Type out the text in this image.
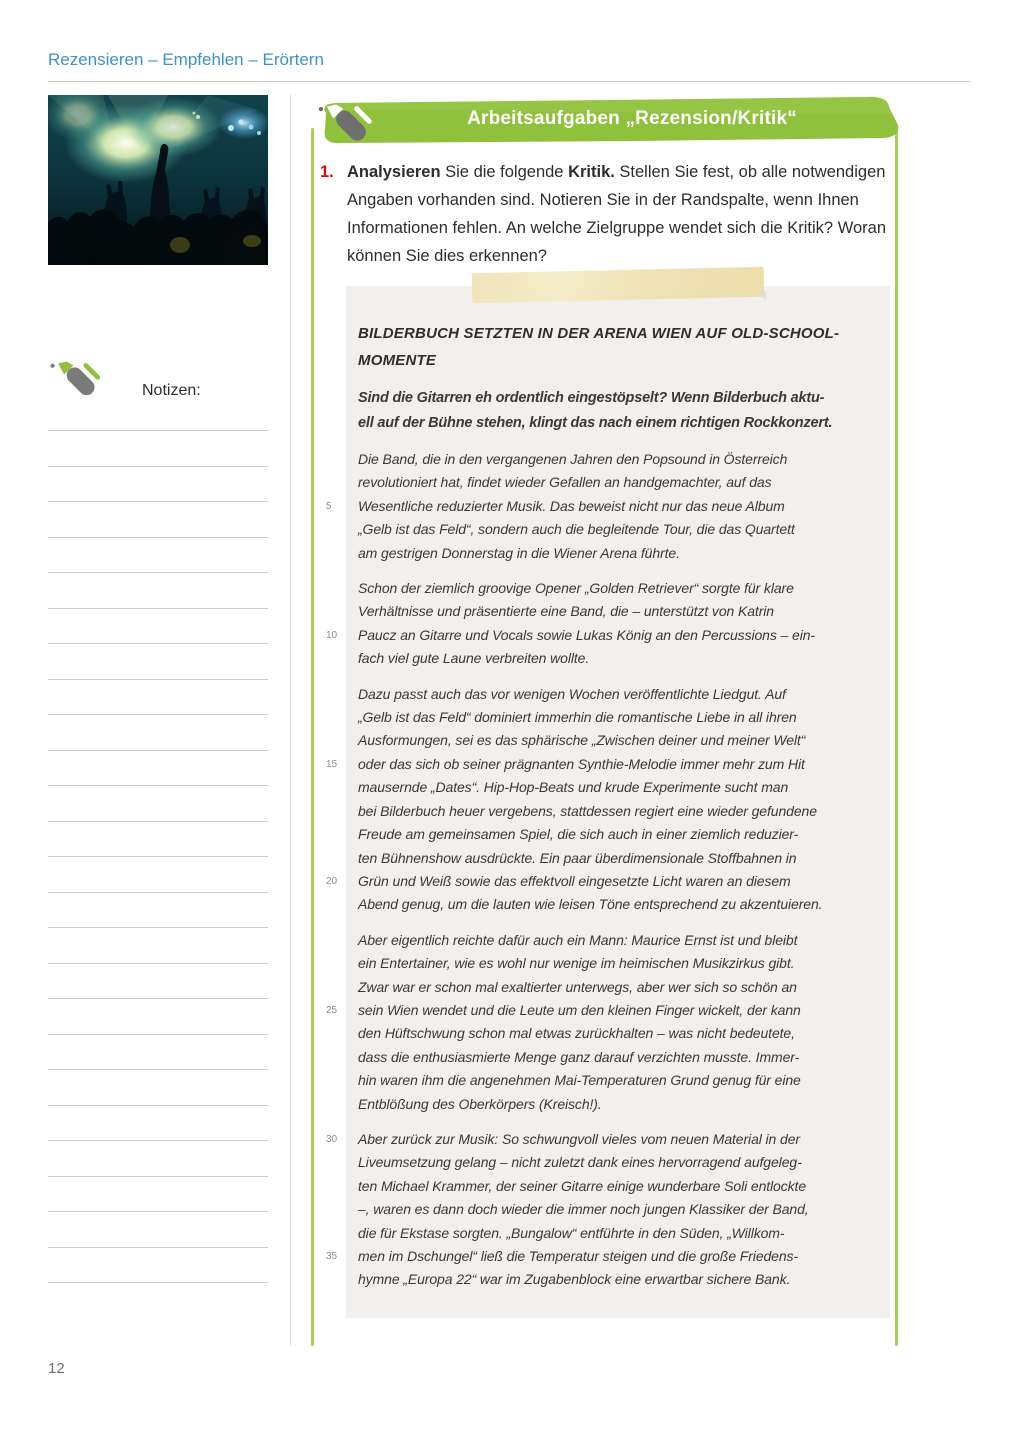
Rezensieren – Empfehlen – Erörtern
Notizen:
Arbeitsaufgaben „Rezension/Kritik“
1. Analysieren Sie die folgende Kritik. Stellen Sie fest, ob alle notwendigen Angaben vorhanden sind. Notieren Sie in der Randspalte, wenn Ihnen Informationen fehlen. An welche Zielgruppe wendet sich die Kritik? Woran können Sie dies erkennen?
BILDERBUCH SETZTEN IN DER ARENA WIEN AUF OLD-SCHOOL-
MOMENTE
Sind die Gitarren eh ordentlich eingestöpselt? Wenn Bilderbuch aktu-
ell auf der Bühne stehen, klingt das nach einem richtigen Rockkonzert.
Die Band, die in den vergangenen Jahren den Popsound in Österreich
revolutioniert hat, findet wieder Gefallen an handgemachter, auf das
Wesentliche reduzierter Musik. Das beweist nicht nur das neue Album
5
„Gelb ist das Feld“, sondern auch die begleitende Tour, die das Quartett
am gestrigen Donnerstag in die Wiener Arena führte.
Schon der ziemlich groovige Opener „Golden Retriever“ sorgte für klare
Verhältnisse und präsentierte eine Band, die – unterstützt von Katrin
Paucz an Gitarre und Vocals sowie Lukas König an den Percussions – ein-
10
fach viel gute Laune verbreiten wollte.
Dazu passt auch das vor wenigen Wochen veröffentlichte Liedgut. Auf
„Gelb ist das Feld“ dominiert immerhin die romantische Liebe in all ihren
Ausformungen, sei es das sphärische „Zwischen deiner und meiner Welt“
oder das sich ob seiner prägnanten Synthie-Melodie immer mehr zum Hit
15
mausernde „Dates“. Hip-Hop-Beats und krude Experimente sucht man
bei Bilderbuch heuer vergebens, stattdessen regiert eine wieder gefundene
Freude am gemeinsamen Spiel, die sich auch in einer ziemlich reduzier-
ten Bühnenshow ausdrückte. Ein paar überdimensionale Stoffbahnen in
Grün und Weiß sowie das effektvoll eingesetzte Licht waren an diesem
20
Abend genug, um die lauten wie leisen Töne entsprechend zu akzentuieren.
Aber eigentlich reichte dafür auch ein Mann: Maurice Ernst ist und bleibt
ein Entertainer, wie es wohl nur wenige im heimischen Musikzirkus gibt.
Zwar war er schon mal exaltierter unterwegs, aber wer sich so schön an
sein Wien wendet und die Leute um den kleinen Finger wickelt, der kann
25
den Hüftschwung schon mal etwas zurückhalten – was nicht bedeutete,
dass die enthusiasmierte Menge ganz darauf verzichten musste. Immer-
hin waren ihm die angenehmen Mai-Temperaturen Grund genug für eine
Entblößung des Oberkörpers (Kreisch!).
Aber zurück zur Musik: So schwungvoll vieles vom neuen Material in der
30
Liveumsetzung gelang – nicht zuletzt dank eines hervorragend aufgeleg-
ten Michael Krammer, der seiner Gitarre einige wunderbare Soli entlockte
–, waren es dann doch wieder die immer noch jungen Klassiker der Band,
die für Ekstase sorgten. „Bungalow“ entführte in den Süden, „Willkom-
men im Dschungel“ ließ die Temperatur steigen und die große Friedens-
35
hymne „Europa 22“ war im Zugabenblock eine erwartbar sichere Bank.
12
